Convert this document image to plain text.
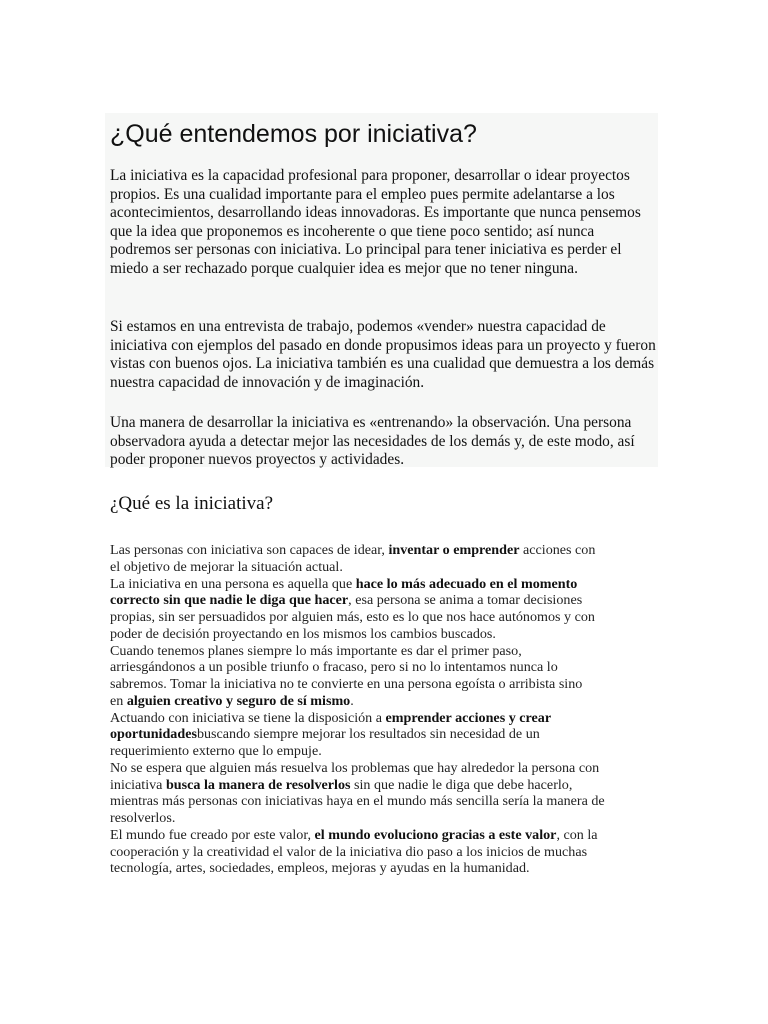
¿Qué entendemos por iniciativa?

La iniciativa es la capacidad profesional para proponer, desarrollar o idear proyectos propios. Es una cualidad importante para el empleo pues permite adelantarse a los acontecimientos, desarrollando ideas innovadoras. Es importante que nunca pensemos que la idea que proponemos es incoherente o que tiene poco sentido; así nunca podremos ser personas con iniciativa. Lo principal para tener iniciativa es perder el miedo a ser rechazado porque cualquier idea es mejor que no tener ninguna.

Si estamos en una entrevista de trabajo, podemos «vender» nuestra capacidad de iniciativa con ejemplos del pasado en donde propusimos ideas para un proyecto y fueron vistas con buenos ojos. La iniciativa también es una cualidad que demuestra a los demás nuestra capacidad de innovación y de imaginación.

Una manera de desarrollar la iniciativa es «entrenando» la observación. Una persona observadora ayuda a detectar mejor las necesidades de los demás y, de este modo, así poder proponer nuevos proyectos y actividades.

¿Qué es la iniciativa?
Las personas con iniciativa son capaces de idear, inventar o emprender acciones con
el objetivo de mejorar la situación actual.
La iniciativa en una persona es aquella que hace lo más adecuado en el momento
correcto sin que nadie le diga que hacer, esa persona se anima a tomar decisiones
propias, sin ser persuadidos por alguien más, esto es lo que nos hace autónomos y con
poder de decisión proyectando en los mismos los cambios buscados.
Cuando tenemos planes siempre lo más importante es dar el primer paso,
arriesgándonos a un posible triunfo o fracaso, pero si no lo intentamos nunca lo
sabremos. Tomar la iniciativa no te convierte en una persona egoísta o arribista sino
en alguien creativo y seguro de sí mismo.
Actuando con iniciativa se tiene la disposición a emprender acciones y crear
oportunidadesbuscando siempre mejorar los resultados sin necesidad de un
requerimiento externo que lo empuje.
No se espera que alguien más resuelva los problemas que hay alrededor la persona con
iniciativa busca la manera de resolverlos sin que nadie le diga que debe hacerlo,
mientras más personas con iniciativas haya en el mundo más sencilla sería la manera de
resolverlos.
El mundo fue creado por este valor, el mundo evoluciono gracias a este valor, con la
cooperación y la creatividad el valor de la iniciativa dio paso a los inicios de muchas
tecnología, artes, sociedades, empleos, mejoras y ayudas en la humanidad.
